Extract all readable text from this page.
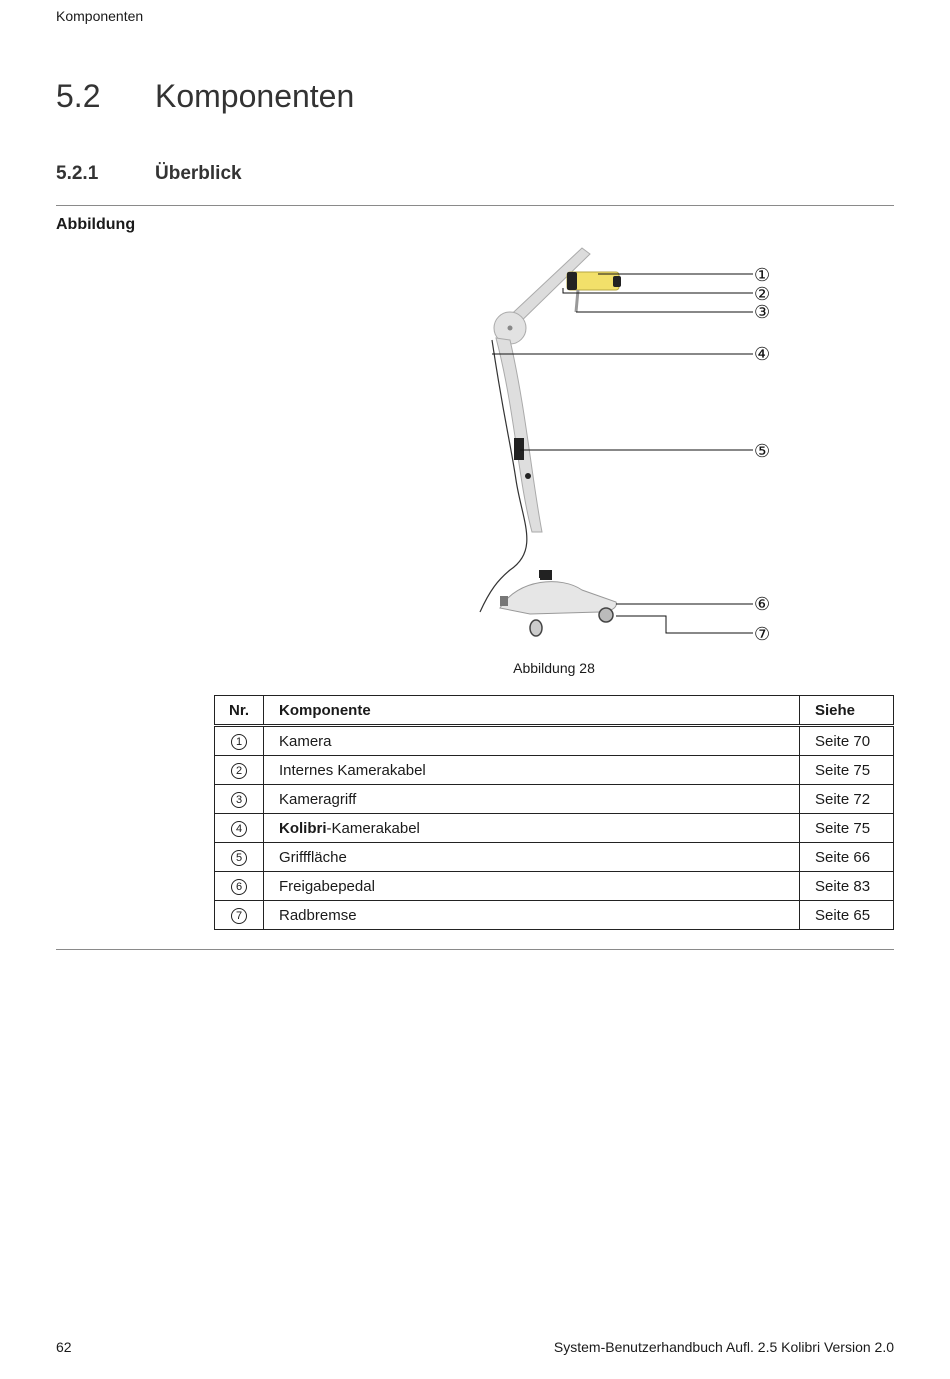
Komponenten
5.2 Komponenten
5.2.1	Überblick
Abbildung
①
②
③
④
⑤
⑥
⑦
Abbildung 28
Nr.	Komponente	Siehe
1	Kamera	Seite 70
2	Internes Kamerakabel	Seite 75
3	Kameragriff	Seite 72
4	Kolibri-Kamerakabel	Seite 75
5	Grifffläche	Seite 66
6	Freigabepedal	Seite 83
7	Radbremse	Seite 65
62	System-Benutzerhandbuch Aufl. 2.5 Kolibri Version 2.0
